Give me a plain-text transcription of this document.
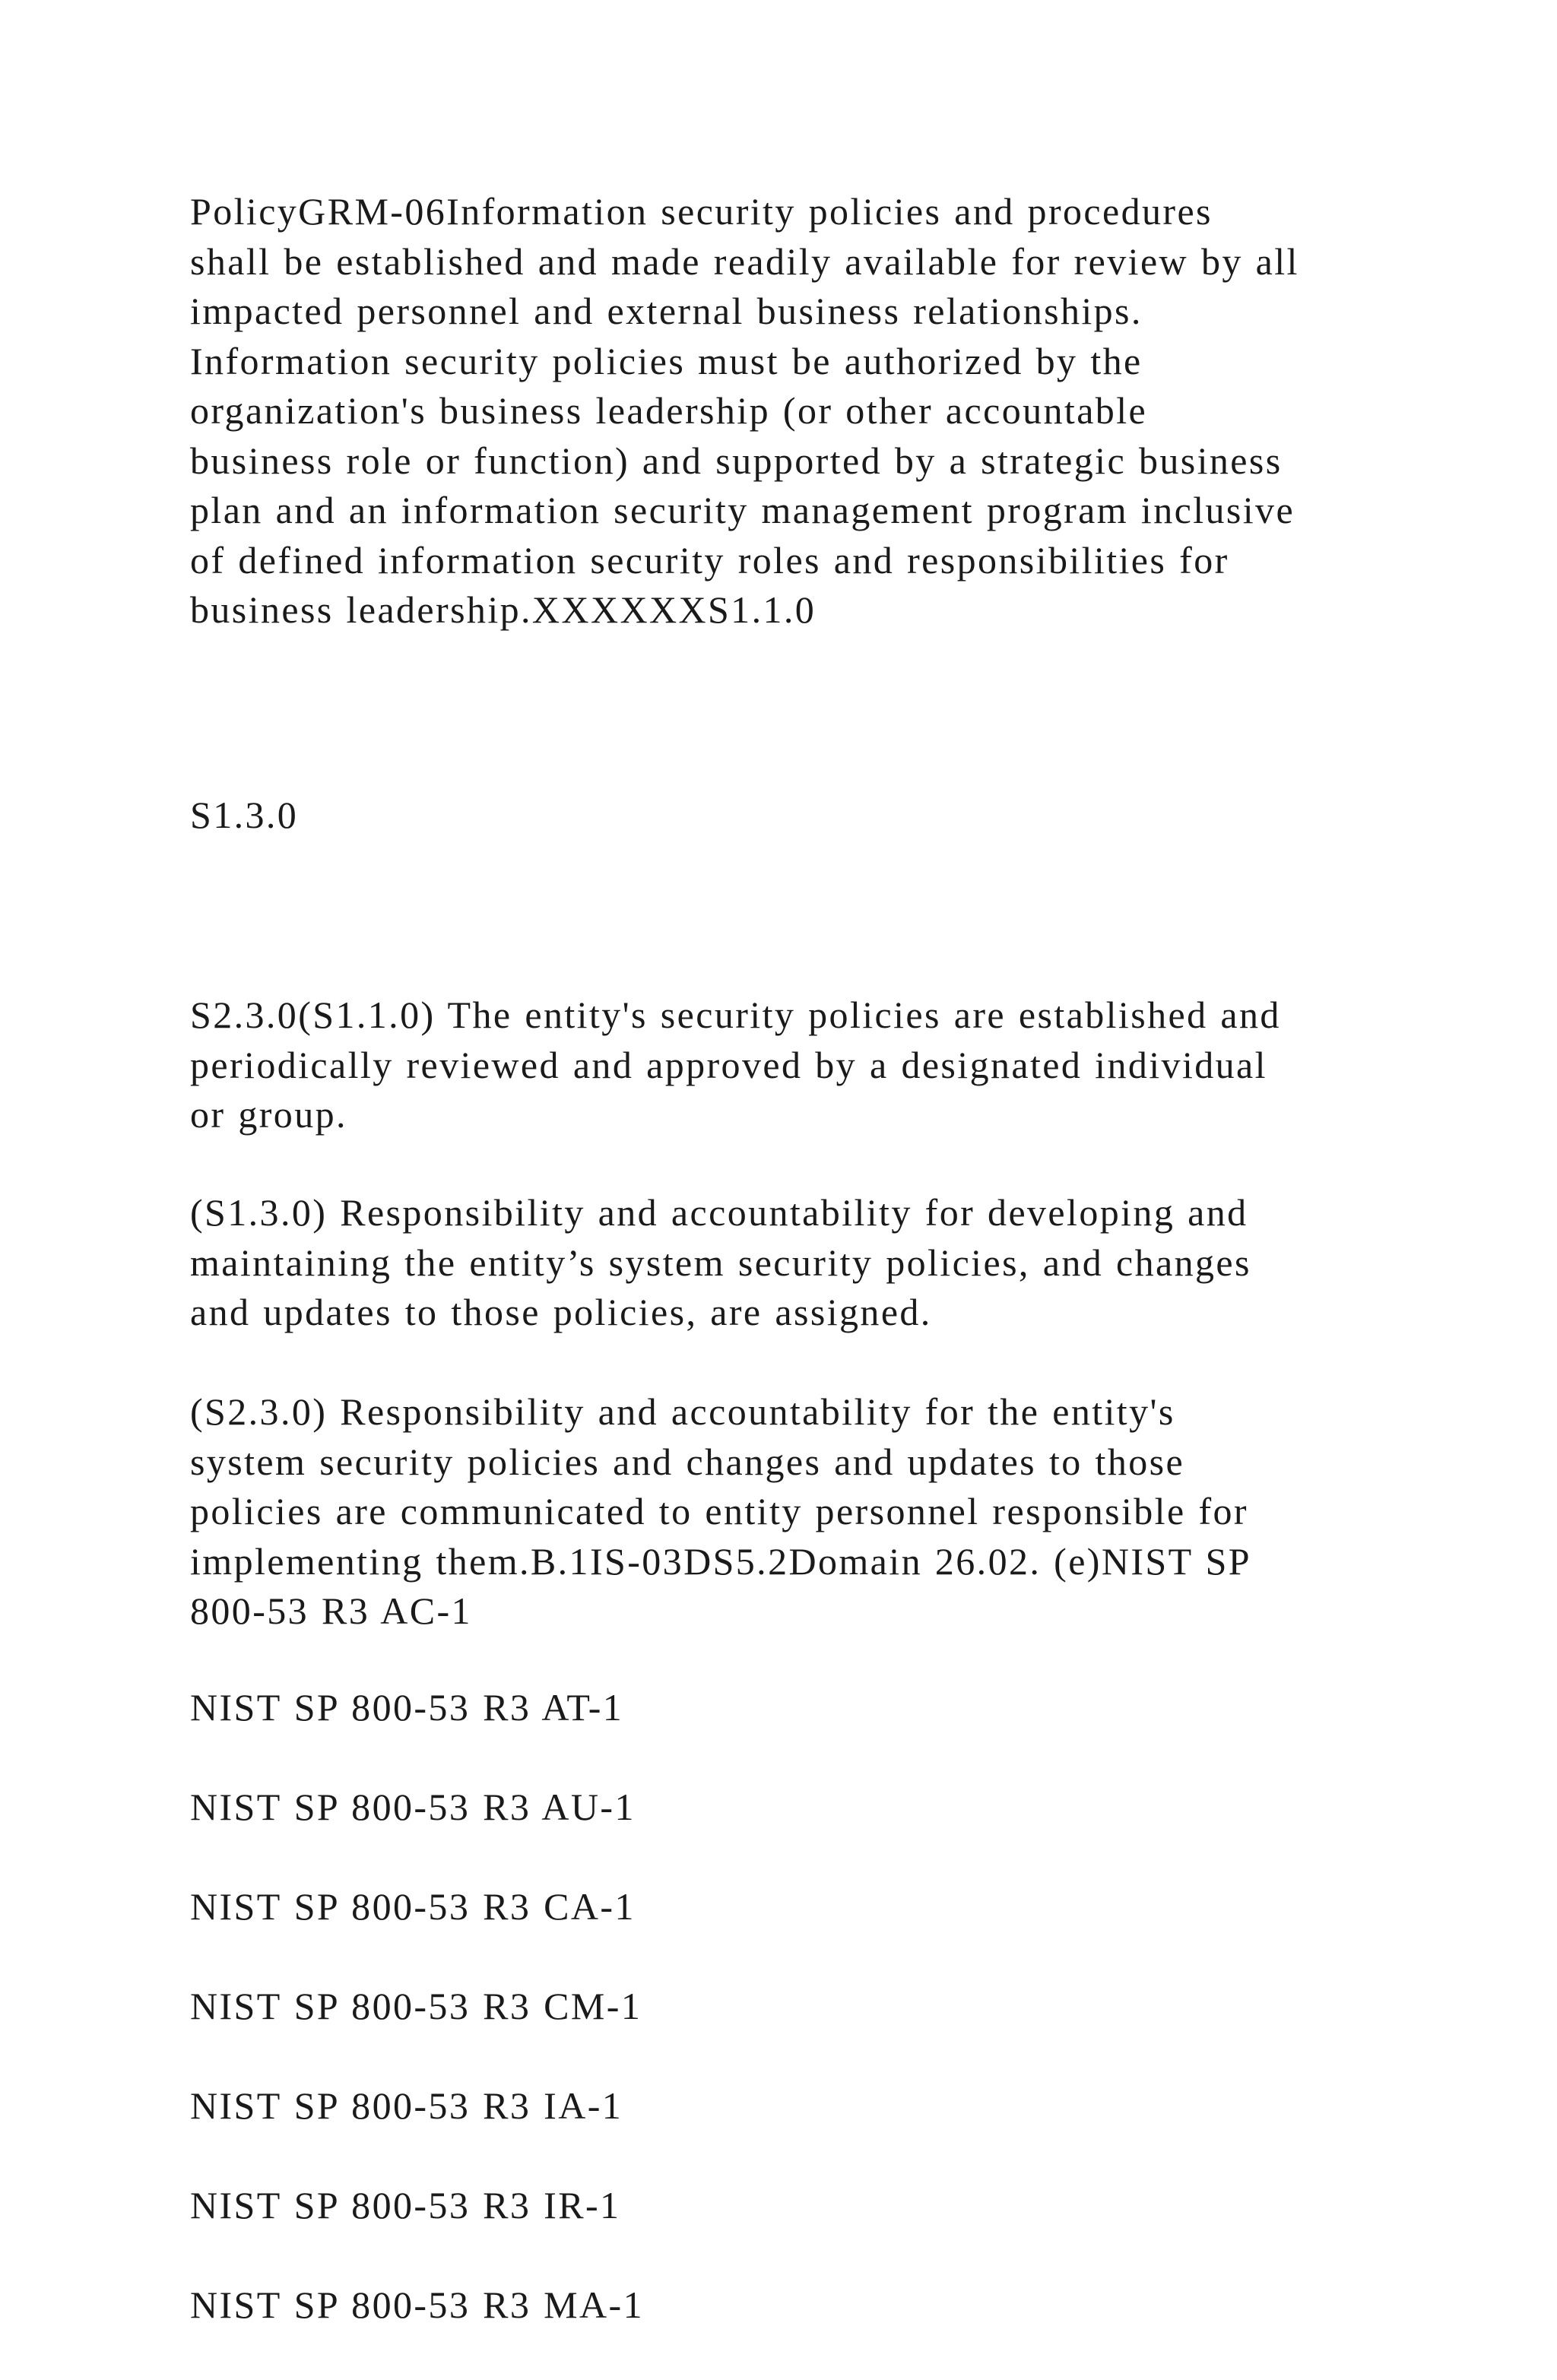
PolicyGRM-06Information security policies and procedures
shall be established and made readily available for review by all
impacted personnel and external business relationships.
Information security policies must be authorized by the
organization's business leadership (or other accountable
business role or function) and supported by a strategic business
plan and an information security management program inclusive
of defined information security roles and responsibilities for
business leadership.XXXXXXS1.1.0

S1.3.0

S2.3.0(S1.1.0) The entity's security policies are established and
periodically reviewed and approved by a designated individual
or group.

(S1.3.0) Responsibility and accountability for developing and
maintaining the entity’s system security policies, and changes
and updates to those policies, are assigned.

(S2.3.0) Responsibility and accountability for the entity's
system security policies and changes and updates to those
policies are communicated to entity personnel responsible for
implementing them.B.1IS-03DS5.2Domain 26.02. (e)NIST SP
800-53 R3 AC-1

NIST SP 800-53 R3 AT-1

NIST SP 800-53 R3 AU-1

NIST SP 800-53 R3 CA-1

NIST SP 800-53 R3 CM-1

NIST SP 800-53 R3 IA-1

NIST SP 800-53 R3 IR-1

NIST SP 800-53 R3 MA-1
